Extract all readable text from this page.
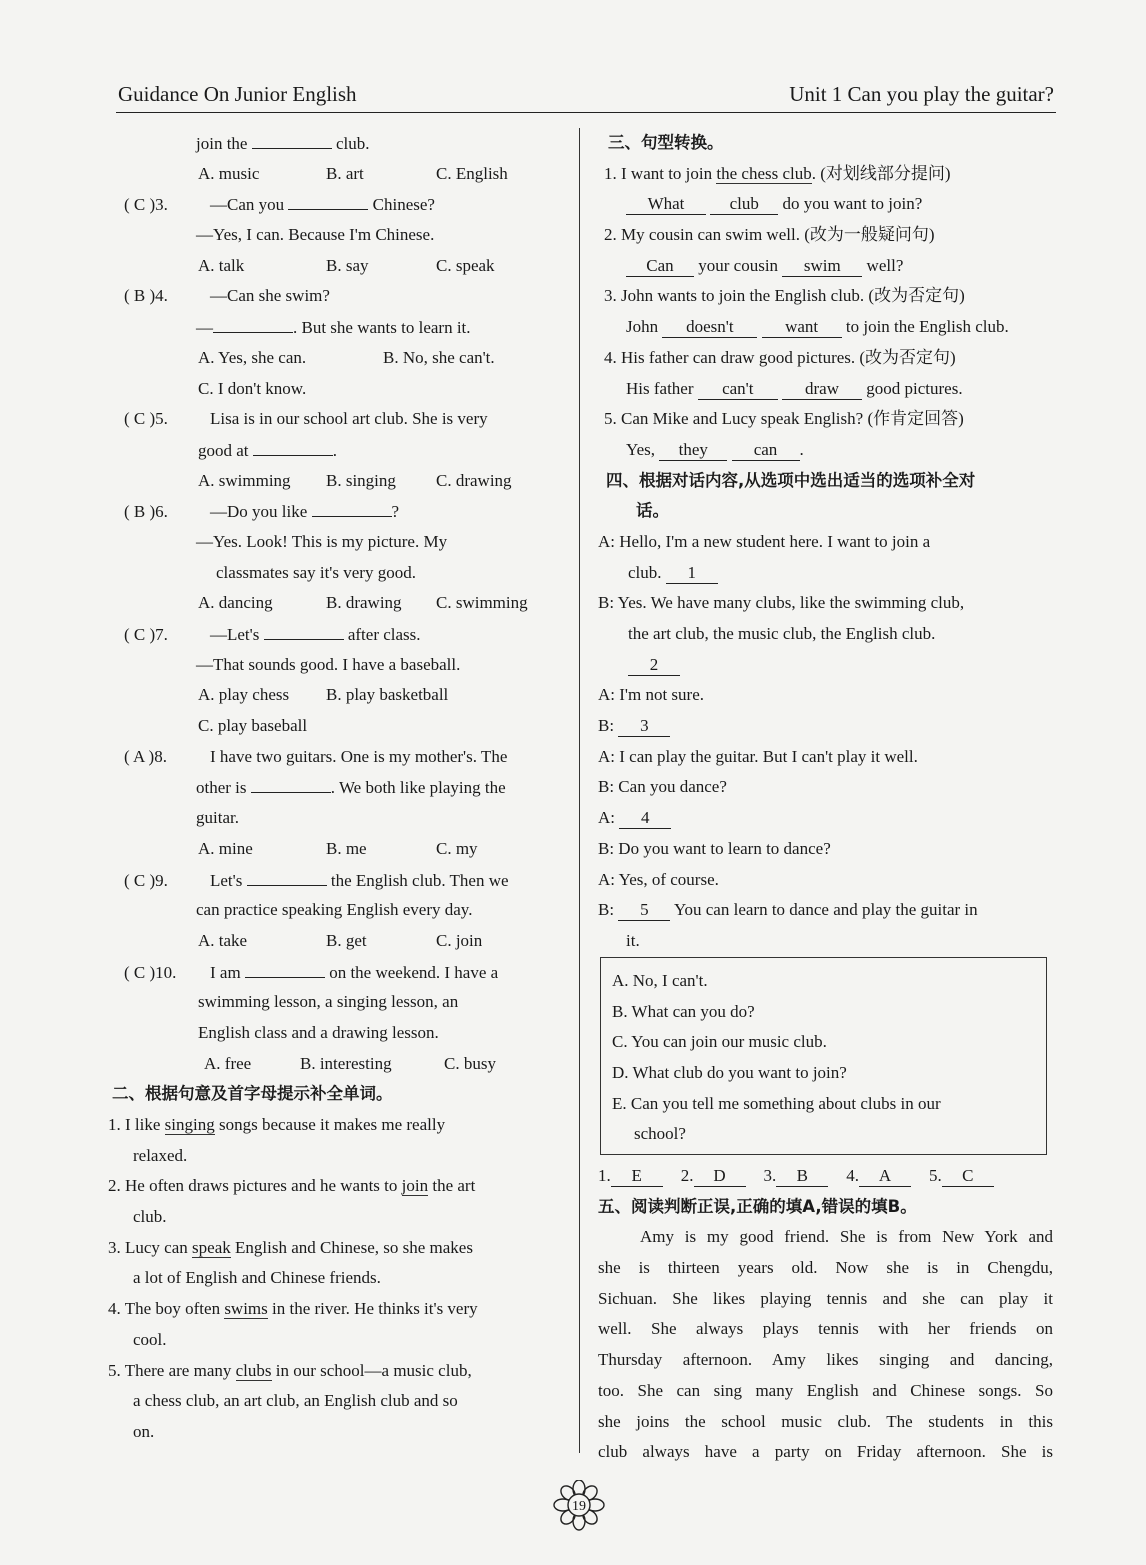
Guidance On Junior English	Unit 1 Can you play the guitar?
join the	club.
A. music	B. art	C. English
( C )3. —Can you	Chinese?
—Yes, I can. Because I'm Chinese.
A. talk	B. say	C. speak
( B )4. —Can she swim?
—	. But she wants to learn it.
A. Yes, she can.	B. No, she can't.
C. I don't know.
( C )5. Lisa is in our school art club. She is very
good at	.
A. swimming B. singing C. drawing
( B )6. —Do you like	?
—Yes. Look! This is my picture. My
classmates say it's very good.
A. dancing	B. drawing C. swimming
( C )7. —Let's	after class.
—That sounds good. I have a baseball.
A. play chess B. play basketball
C. play baseball
( A )8.	I have two guitars. One is my mother's. The
other is	. We both like playing the
guitar.
A. mine	B. me	C. my
( C )9. Let's	the English club. Then we
can practice speaking English every day.
A. take	B. get	C. join
( C )10. I am	on the weekend. I have a
swimming lesson, a singing lesson, an
English class and a drawing lesson.
A. free	B. interesting	C. busy
二、根据句意及首字母提示补全单词。
1. I like singing songs because it makes me really
relaxed.
2. He often draws pictures and he wants to join the art
club.
3. Lucy can speak English and Chinese, so she makes
a lot of English and Chinese friends.
4. The boy often swims in the river. He thinks it's very
cool.
5. There are many clubs in our school—a music club,
a chess club, an art club, an English club and so
on.
三、句型转换。
1. I want to join the chess club. (对划线部分提问)
What	club do you want to join?
2. My cousin can swim well. (改为一般疑问句)
Can your cousin swim well?
3. John wants to join the English club. (改为否定句)
John doesn't	want to join the English club.
4. His father can draw good pictures. (改为否定句)
His father can't	draw good pictures.
5. Can Mike and Lucy speak English? (作肯定回答)
Yes, they	can .
四、根据对话内容,从选项中选出适当的选项补全对
话。
A: Hello, I'm a new student here. I want to join a
club. 1
B: Yes. We have many clubs, like the swimming club,
the art club, the music club, the English club.
2
A: I'm not sure.
B: 3
A: I can play the guitar. But I can't play it well.
B: Can you dance?
A: 4
B: Do you want to learn to dance?
A: Yes, of course.
B: 5 You can learn to dance and play the guitar in
it.
A. No, I can't.
B. What can you do?
C. You can join our music club.
D. What club do you want to join?
E. Can you tell me something about clubs in our
school?
1. E 2. D 3. B 4. A 5. C
五、阅读判断正误,正确的填A,错误的填B。
Amy is my good friend. She is from New York and
she is thirteen years old. Now she is in Chengdu,
Sichuan. She likes playing tennis and she can play it
well. She always plays tennis with her friends on
Thursday afternoon. Amy likes singing and dancing,
too. She can sing many English and Chinese songs. So
she joins the school music club. The students in this
club always have a party on Friday afternoon. She is
19
